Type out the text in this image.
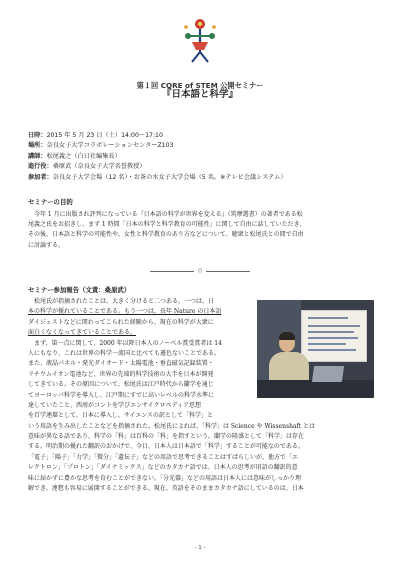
第１回 CORE of STEM 公開セミナー
『日本語と科学』
日時：2015 年 5 月 23 日（土）14:00〜17:10
場所：奈良女子大学コラボレーションセンターZ103
講師：松尾義之（白日社編集長）
進行役：桑原武（奈良女子大学名誉教授）
参加者：奈良女子大学会場（12 名）・お茶の水女子大学会場（5 名。※テレビ会議システム）
セミナーの目的
　今年 1 月に出版され評判になっている『日本語の科学が世界を変える』（筑摩選書）の著者である松
尾義之氏をお招きし、まず 1 時間「日本の科学と科学教育の可能性」に関して自由に話していただき、
その後、日本語と科学の可能性や、女性と科学教育のあり方などについて、聴衆と松尾氏との間で自由
に討論する。
◇
セミナー参加報告（文責：桑原武）
　松尾氏が指摘されたことは、大きく分けると二つある。一つは、日
本の科学が優れていることである。もう一つは、長年 Nature の日本語
ダイジェストなどに関わってこられた経験から、現在の科学が大衆に
面白くなくなってきていることである。
　まず、第一点に関して、2000 年以降日本人のノーベル賞受賞者は 14
人にもなり、これは世界の科学一流国と比べても遜色ないことである。
また、液晶パネル・発光ダイオード・太陽電池・垂直磁気記録装置・
リチウムイオン電池など、世界の先端的科学技術の大半を日本が開発
してきている。その原因について、松尾氏は江戸時代から蘭学を通じ
てヨーロッパ科学を導入し、江戸期にすでに高いレベルの科学水準に
達していたこと、西周がコントを学びエンサイクロペディア思想
を百学連環として、日本に導入し、サイエンスの訳として「科学」と
いう用語を生み出したことなどを指摘された。松尾氏によれば、「科学」は Science や Wissenshaft とは
意味が異なる語であり、科学の「科」は百科の「科」を指すという。蘭学の隆盛として「科学」は存在
する。明治期の優れた翻訳のおかげで、今日、日本人は日本語で「科学」することが可能なのである。
「電子」「陽子」「力学」「微分」「遺伝子」などの用語で思考できることはすばらしいが、他方で「エ
レクトロン」「プロトン」「ダイナミックス」などのカタカナ語では、日本人の思考が用語の翻訳的意
味に届かずに豊かな思考を育むことができない。「分光器」などの用語は日本人には意味がしっかり理
解でき、連想も容易に展開することができる。現在、英語をそのままカタカナ語にしているのは、日本
- 1 -
